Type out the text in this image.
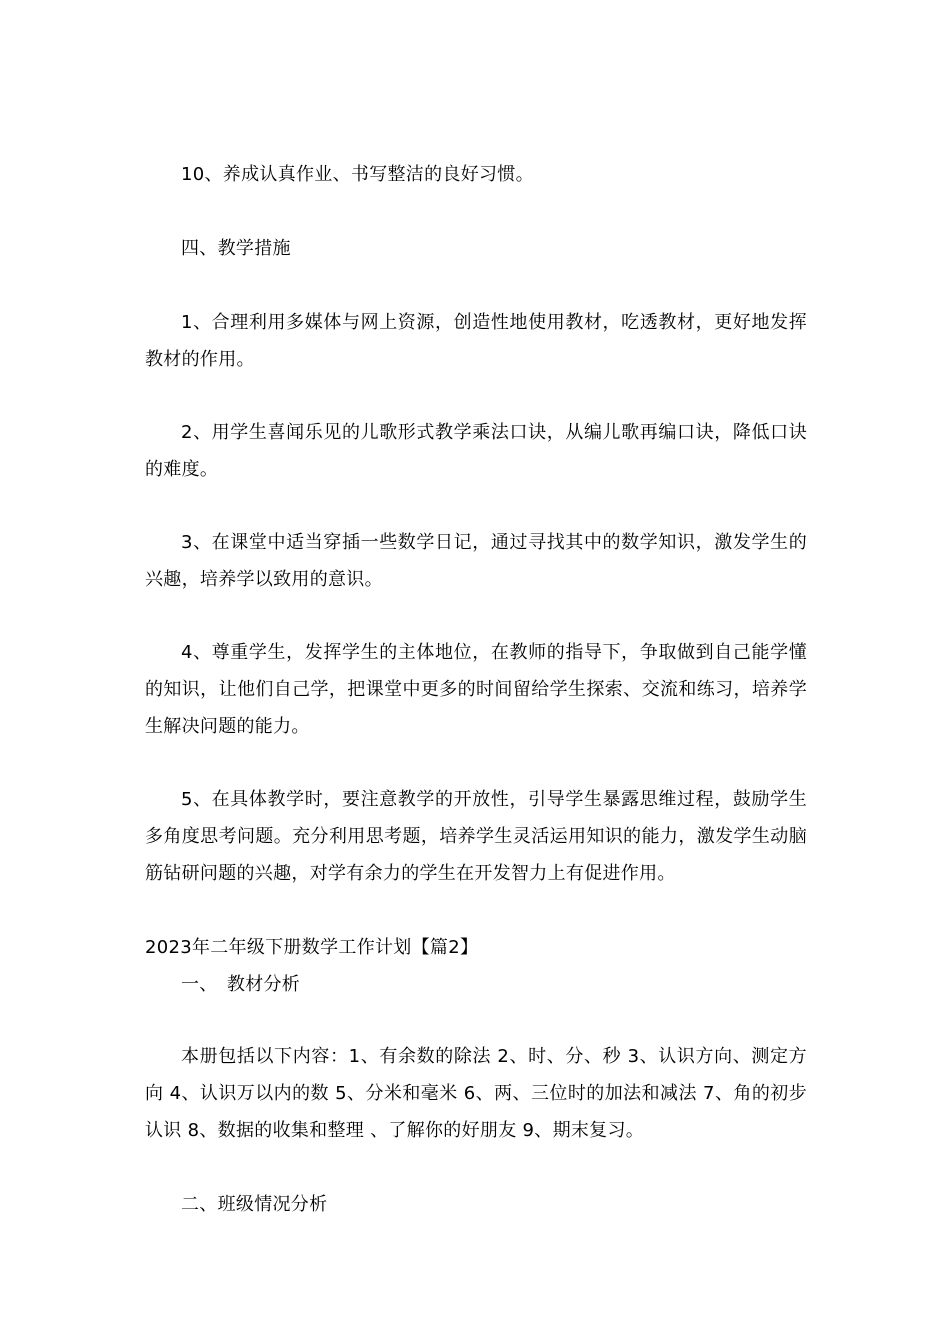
10、养成认真作业、书写整洁的良好习惯。

四、教学措施

1、合理利用多媒体与网上资源，创造性地使用教材，吃透教材，更好地发挥教材的作用。

2、用学生喜闻乐见的儿歌形式教学乘法口诀，从编儿歌再编口诀，降低口诀的难度。

3、在课堂中适当穿插一些数学日记，通过寻找其中的数学知识，激发学生的兴趣，培养学以致用的意识。

4、尊重学生，发挥学生的主体地位，在教师的指导下，争取做到自己能学懂的知识，让他们自己学，把课堂中更多的时间留给学生探索、交流和练习，培养学生解决问题的能力。

5、在具体教学时，要注意教学的开放性，引导学生暴露思维过程，鼓励学生多角度思考问题。充分利用思考题，培养学生灵活运用知识的能力，激发学生动脑筋钻研问题的兴趣，对学有余力的学生在开发智力上有促进作用。

2023年二年级下册数学工作计划【篇2】

一、　教材分析

本册包括以下内容：1、有余数的除法 2、时、分、秒 3、认识方向、测定方向 4、认识万以内的数 5、分米和毫米 6、两、三位时的加法和减法 7、角的初步认识 8、数据的收集和整理 、了解你的好朋友 9、期末复习。

二、班级情况分析
